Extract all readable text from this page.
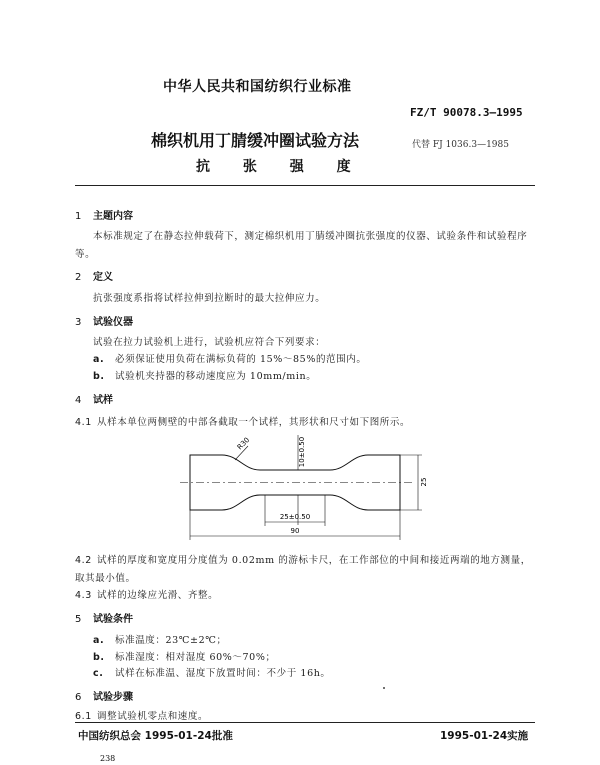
中华人民共和国纺织行业标准
FZ/T 90078.3—1995
棉织机用丁腈缓冲圈试验方法	代替 FJ 1036.3—1985
抗 张 强 度
1 主题内容
本标准规定了在静态拉伸载荷下，测定棉织机用丁腈缓冲圈抗张强度的仪器、试验条件和试验程序
等。
2 定义
抗张强度系指将试样拉伸到拉断时的最大拉伸应力。
3 试验仪器
试验在拉力试验机上进行，试验机应符合下列要求：
a. 必须保证使用负荷在满标负荷的 15%～85%的范围内。
b. 试验机夹持器的移动速度应为 10mm/min。
4 试样
4.1 从样本单位两侧壁的中部各截取一个试样，其形状和尺寸如下图所示。
10±0.50
R30
25±0.50
90
25
4.2 试样的厚度和宽度用分度值为 0.02mm 的游标卡尺，在工作部位的中间和接近两端的地方测量，
取其最小值。
4.3 试样的边缘应光滑、齐整。
5 试验条件
a. 标准温度：23℃±2℃；
b. 标准湿度：相对湿度 60%～70%；
c. 试样在标准温、湿度下放置时间：不少于 16h。
6 试验步骤
6.1 调整试验机零点和速度。
中国纺织总会 1995-01-24批准	1995-01-24实施
238
